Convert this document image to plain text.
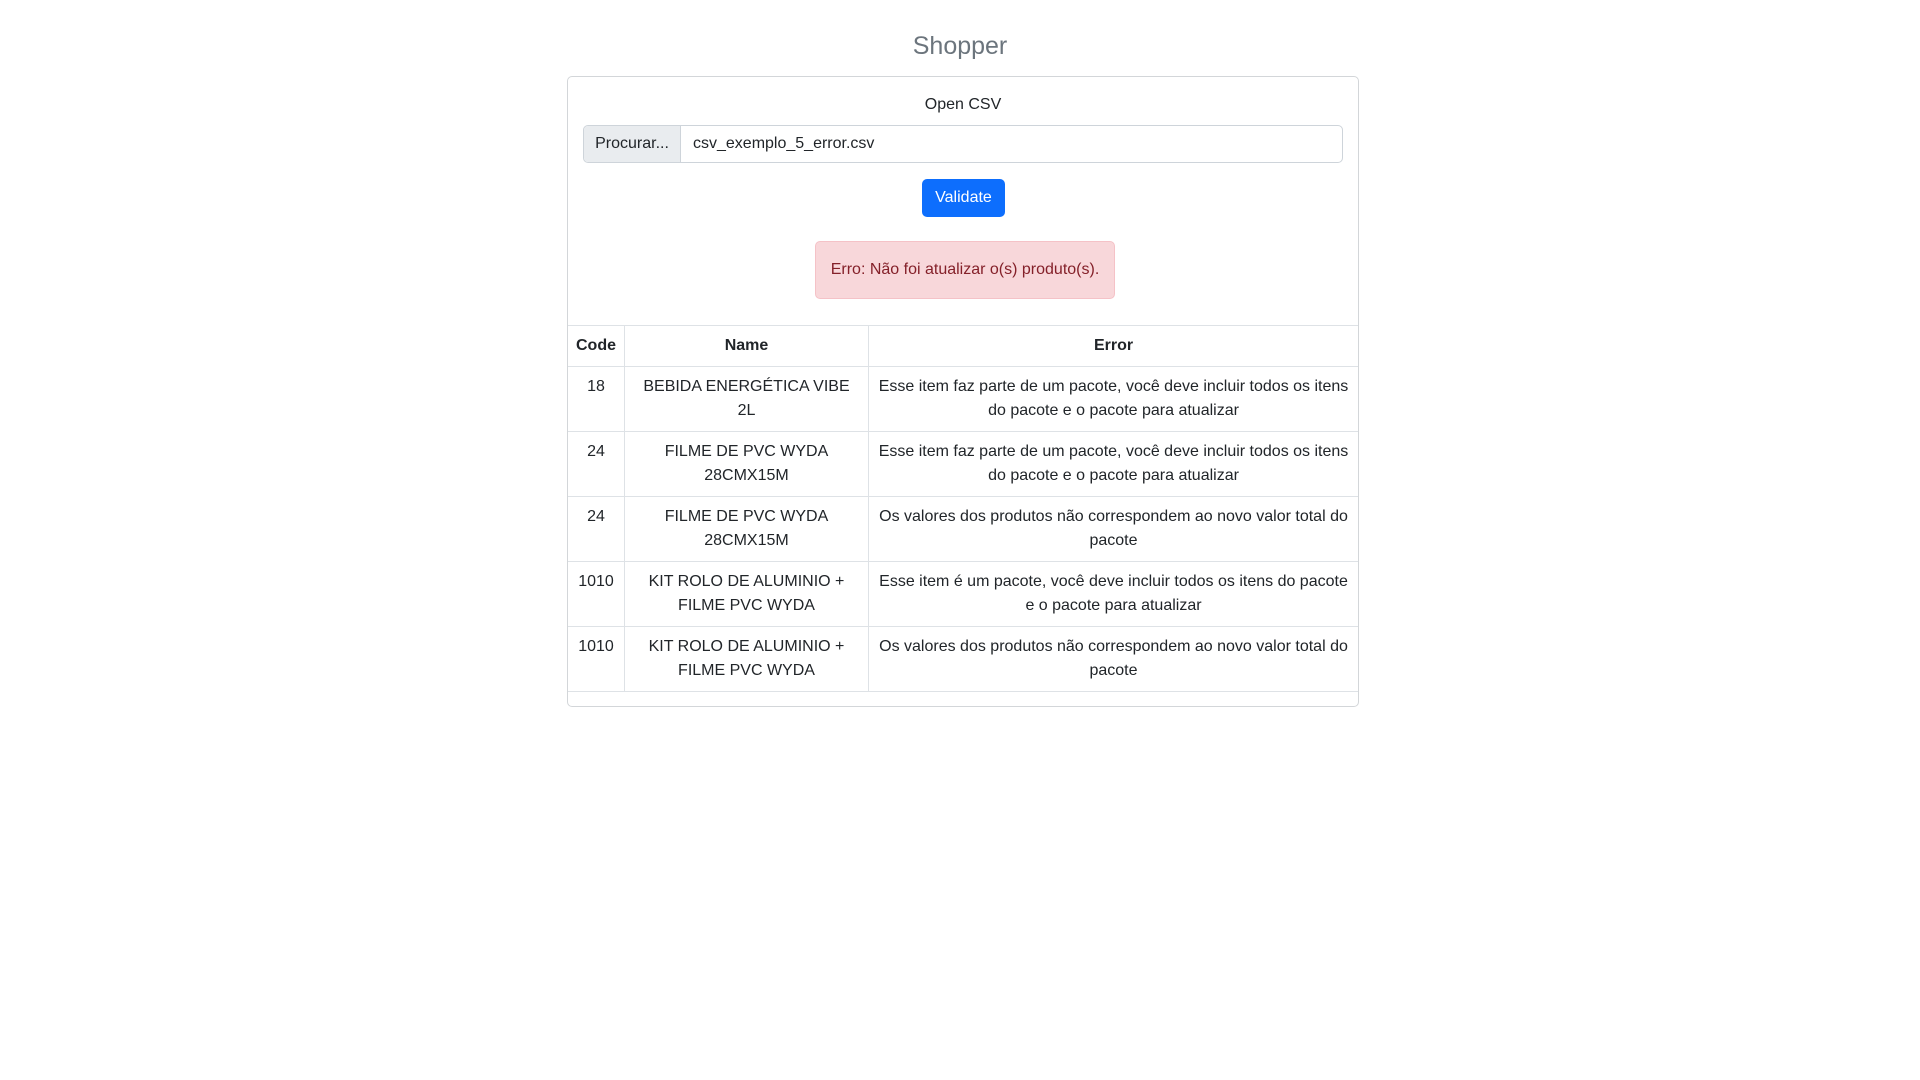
Shopper
Open CSV
Procurar...	csv_exemplo_5_error.csv
Validate
Erro: Não foi atualizar o(s) produto(s).
Code	Name	Error
18	BEBIDA ENERGÉTICA VIBE 2L	Esse item faz parte de um pacote, você deve incluir todos os itens do pacote e o pacote para atualizar
24	FILME DE PVC WYDA 28CMX15M	Esse item faz parte de um pacote, você deve incluir todos os itens do pacote e o pacote para atualizar
24	FILME DE PVC WYDA 28CMX15M	Os valores dos produtos não correspondem ao novo valor total do pacote
1010	KIT ROLO DE ALUMINIO + FILME PVC WYDA	Esse item é um pacote, você deve incluir todos os itens do pacote e o pacote para atualizar
1010	KIT ROLO DE ALUMINIO + FILME PVC WYDA	Os valores dos produtos não correspondem ao novo valor total do pacote
